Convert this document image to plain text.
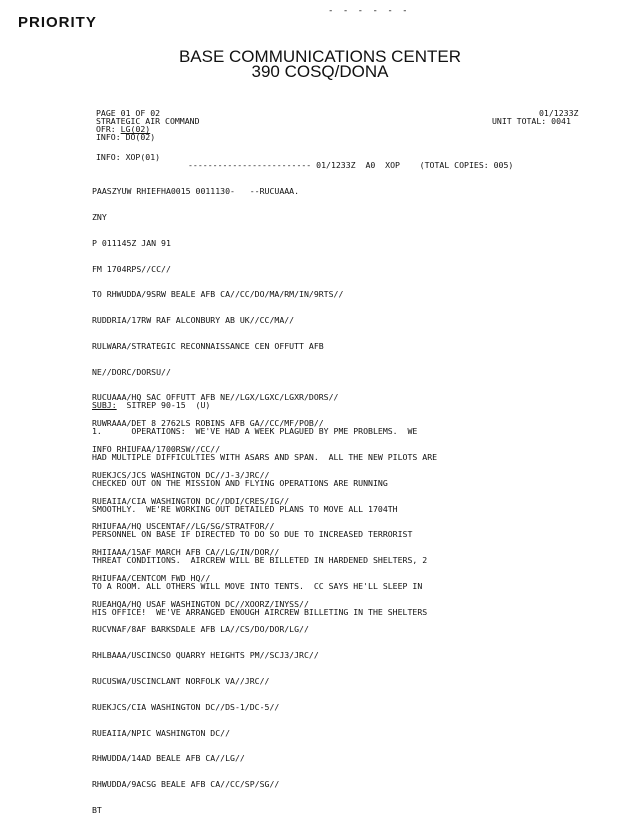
PRIORITY
- - - - - -
BASE COMMUNICATIONS CENTER
390 COSQ/DONA
PAGE 01 OF 02
STRATEGIC AIR COMMAND
OFR: LG(02)
INFO: DO(02)
01/1233Z
UNIT TOTAL: 0041
INFO: XOP(01)
------------------------- 01/1233Z  A0  XOP    (TOTAL COPIES: 005)

PAASZYUW RHIEFHA0015 0011130-   --RUCUAAA.

ZNY

P 011145Z JAN 91

FM 1704RPS//CC//

TO RHWUDDA/9SRW BEALE AFB CA//CC/DO/MA/RM/IN/9RTS//

RUDDRIA/17RW RAF ALCONBURY AB UK//CC/MA//

RULWARA/STRATEGIC RECONNAISSANCE CEN OFFUTT AFB

NE//DORC/DORSU//

RUCUAAA/HQ SAC OFFUTT AFB NE//LGX/LGXC/LGXR/DORS//

RUWRAAA/DET 8 2762LS ROBINS AFB GA//CC/MF/POB//

INFO RHIUFAA/1700RSW//CC//

RUEKJCS/JCS WASHINGTON DC//J-3/JRC//

RUEAIIA/CIA WASHINGTON DC//DDI/CRES/IG//

RHIUFAA/HQ USCENTAF//LG/SG/STRATFOR//

RHIIAAA/15AF MARCH AFB CA//LG/IN/DOR//

RHIUFAA/CENTCOM FWD HQ//

RUEAHQA/HQ USAF WASHINGTON DC//XOORZ/INYSS//

RUCVNAF/8AF BARKSDALE AFB LA//CS/DO/DOR/LG//

RHLBAAA/USCINCSO QUARRY HEIGHTS PM//SCJ3/JRC//

RUCUSWA/USCINCLANT NORFOLK VA//JRC//

RUEKJCS/CIA WASHINGTON DC//DS-1/DC-5//

RUEAIIA/NPIC WASHINGTON DC//

RHWUDDA/14AD BEALE AFB CA//LG//

RHWUDDA/9ACSG BEALE AFB CA//CC/SP/SG//

BT

SUBJ:  SITREP 90-15  (U)

1.      OPERATIONS:  WE'VE HAD A WEEK PLAGUED BY PME PROBLEMS.  WE

HAD MULTIPLE DIFFICULTIES WITH ASARS AND SPAN.  ALL THE NEW PILOTS ARE

CHECKED OUT ON THE MISSION AND FLYING OPERATIONS ARE RUNNING

SMOOTHLY.  WE'RE WORKING OUT DETAILED PLANS TO MOVE ALL 1704TH

PERSONNEL ON BASE IF DIRECTED TO DO SO DUE TO INCREASED TERRORIST

THREAT CONDITIONS.  AIRCREW WILL BE BILLETED IN HARDENED SHELTERS, 2

TO A ROOM. ALL OTHERS WILL MOVE INTO TENTS.  CC SAYS HE'LL SLEEP IN

HIS OFFICE!  WE'VE ARRANGED ENOUGH AIRCREW BILLETING IN THE SHELTERS
